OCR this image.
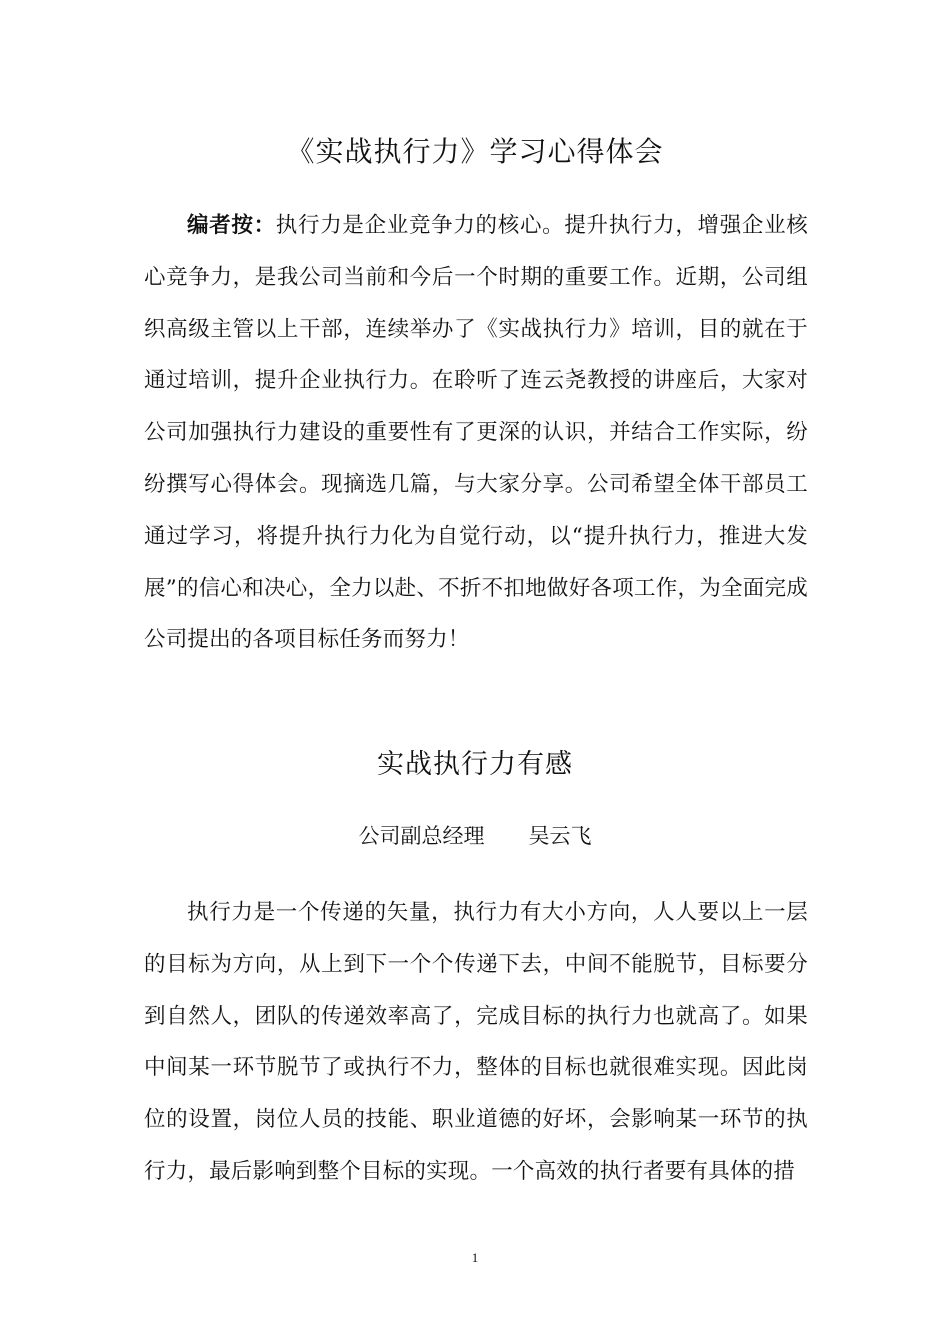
《实战执行力》学习心得体会

编者按：执行力是企业竞争力的核心。提升执行力，增强企业核心竞争力，是我公司当前和今后一个时期的重要工作。近期，公司组织高级主管以上干部，连续举办了《实战执行力》培训，目的就在于通过培训，提升企业执行力。在聆听了连云尧教授的讲座后，大家对公司加强执行力建设的重要性有了更深的认识，并结合工作实际，纷纷撰写心得体会。现摘选几篇，与大家分享。公司希望全体干部员工通过学习，将提升执行力化为自觉行动，以“提升执行力，推进大发展”的信心和决心，全力以赴、不折不扣地做好各项工作，为全面完成公司提出的各项目标任务而努力！

实战执行力有感
公司副总经理 吴云飞

执行力是一个传递的矢量，执行力有大小方向，人人要以上一层的目标为方向，从上到下一个个传递下去，中间不能脱节，目标要分到自然人，团队的传递效率高了，完成目标的执行力也就高了。如果中间某一环节脱节了或执行不力，整体的目标也就很难实现。因此岗位的设置，岗位人员的技能、职业道德的好坏，会影响某一环节的执行力，最后影响到整个目标的实现。一个高效的执行者要有具体的措

1
